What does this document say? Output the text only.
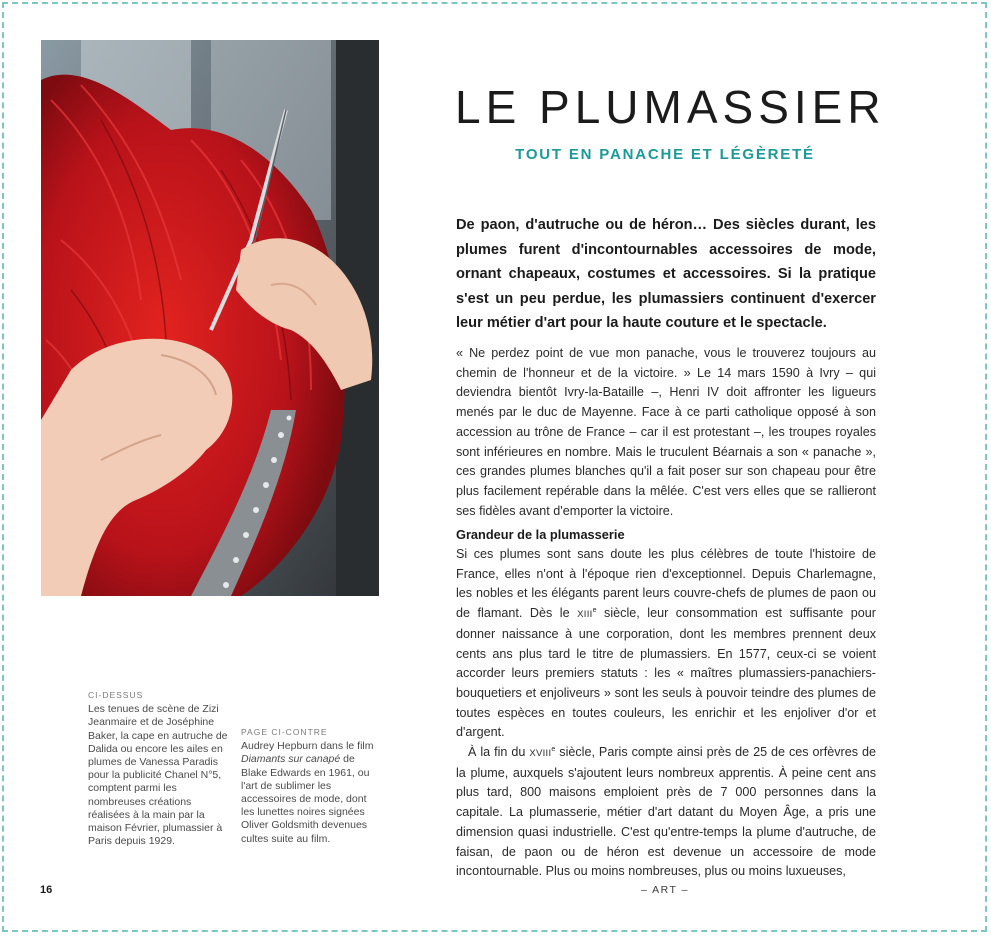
CI-DESSUS
Les tenues de scène de Zizi Jeanmaire et de Joséphine Baker, la cape en autruche de Dalida ou encore les ailes en plumes de Vanessa Paradis pour la publicité Chanel N°5, comptent parmi les nombreuses créations réalisées à la main par la maison Février, plumassier à Paris depuis 1929.
PAGE CI-CONTRE
Audrey Hepburn dans le film Diamants sur canapé de Blake Edwards en 1961, ou l'art de sublimer les accessoires de mode, dont les lunettes noires signées Oliver Goldsmith devenues cultes suite au film.
LE PLUMASSIER
TOUT EN PANACHE ET LÉGÈRETÉ
De paon, d'autruche ou de héron… Des siècles durant, les plumes furent d'incontournables accessoires de mode, ornant chapeaux, costumes et accessoires. Si la pratique s'est un peu perdue, les plumassiers continuent d'exercer leur métier d'art pour la haute couture et le spectacle.
« Ne perdez point de vue mon panache, vous le trouverez toujours au chemin de l'honneur et de la victoire. » Le 14 mars 1590 à Ivry – qui deviendra bientôt Ivry-la-Bataille –, Henri IV doit affronter les ligueurs menés par le duc de Mayenne. Face à ce parti catholique opposé à son accession au trône de France – car il est protestant –, les troupes royales sont inférieures en nombre. Mais le truculent Béarnais a son « panache », ces grandes plumes blanches qu'il a fait poser sur son chapeau pour être plus facilement repérable dans la mêlée. C'est vers elles que se rallieront ses fidèles avant d'emporter la victoire.
Grandeur de la plumasserie

Si ces plumes sont sans doute les plus célèbres de toute l'histoire de France, elles n'ont à l'époque rien d'exceptionnel. Depuis Charlemagne, les nobles et les élégants parent leurs couvre-chefs de plumes de paon ou de flamant. Dès le XIIIe siècle, leur consommation est suffisante pour donner naissance à une corporation, dont les membres prennent deux cents ans plus tard le titre de plumassiers. En 1577, ceux-ci se voient accorder leurs premiers statuts : les « maîtres plumassiers-panachiers-bouquetiers et enjoliveurs » sont les seuls à pouvoir teindre des plumes de toutes espèces en toutes couleurs, les enrichir et les enjoliver d'or et d'argent.

À la fin du XVIIIe siècle, Paris compte ainsi près de 25 de ces orfèvres de la plume, auxquels s'ajoutent leurs nombreux apprentis. À peine cent ans plus tard, 800 maisons emploient près de 7 000 personnes dans la capitale. La plumasserie, métier d'art datant du Moyen Âge, a pris une dimension quasi industrielle. C'est qu'entre-temps la plume d'autruche, de faisan, de paon ou de héron est devenue un accessoire de mode incontournable. Plus ou moins nombreuses, plus ou moins luxueuses,

16	– ART –
